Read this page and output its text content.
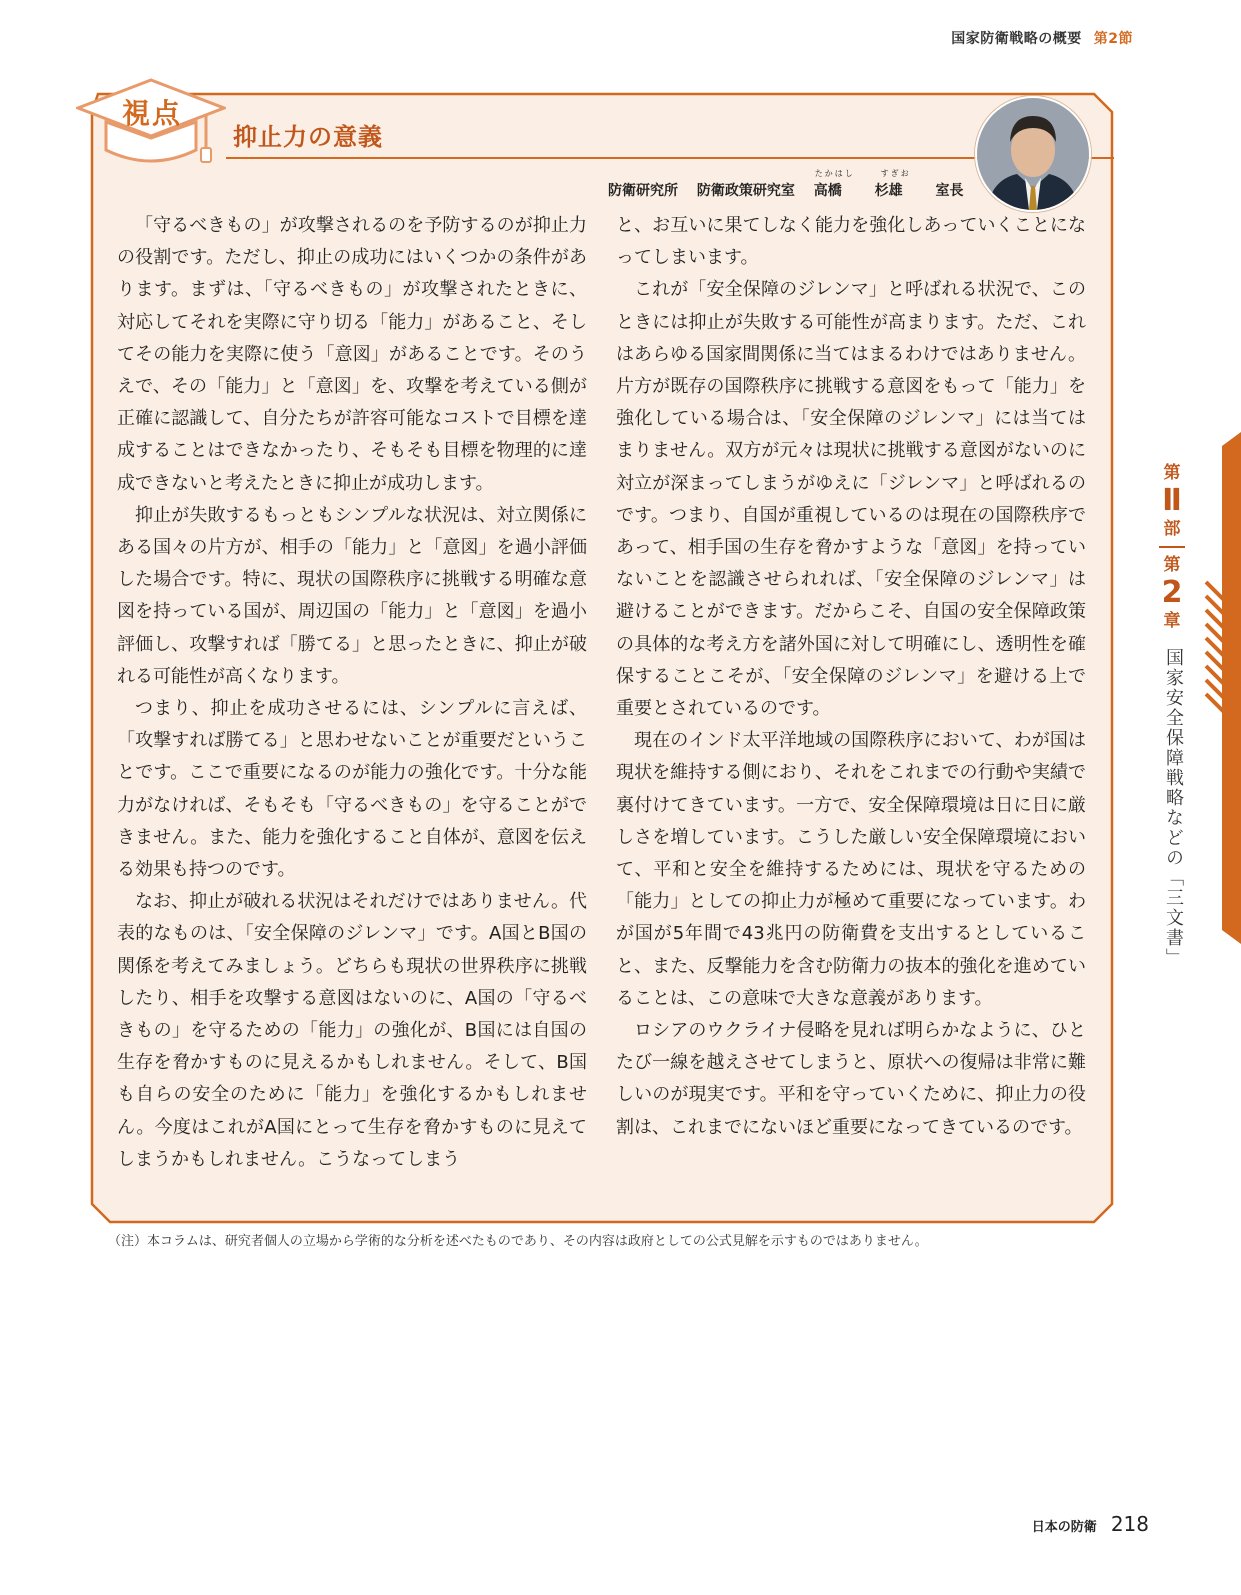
国家防衛戦略の概要 第2節
視点
抑止力の意義
防衛研究所 防衛政策研究室
たかはし
高橋
すぎお
杉雄 室長

「守るべきもの」が攻撃されるのを予防するのが抑止力の役割です。ただし、抑止の成功にはいくつかの条件があります。まずは、「守るべきもの」が攻撃されたときに、対応してそれを実際に守り切る「能力」があること、そしてその能力を実際に使う「意図」があることです。そのうえで、その「能力」と「意図」を、攻撃を考えている側が正確に認識して、自分たちが許容可能なコストで目標を達成することはできなかったり、そもそも目標を物理的に達成できないと考えたときに抑止が成功します。

抑止が失敗するもっともシンプルな状況は、対立関係にある国々の片方が、相手の「能力」と「意図」を過小評価した場合です。特に、現状の国際秩序に挑戦する明確な意図を持っている国が、周辺国の「能力」と「意図」を過小評価し、攻撃すれば「勝てる」と思ったときに、抑止が破れる可能性が高くなります。

つまり、抑止を成功させるには、シンプルに言えば、「攻撃すれば勝てる」と思わせないことが重要だということです。ここで重要になるのが能力の強化です。十分な能力がなければ、そもそも「守るべきもの」を守ることができません。また、能力を強化すること自体が、意図を伝える効果も持つのです。

なお、抑止が破れる状況はそれだけではありません。代表的なものは、「安全保障のジレンマ」です。A国とB国の関係を考えてみましょう。どちらも現状の世界秩序に挑戦したり、相手を攻撃する意図はないのに、A国の「守るべきもの」を守るための「能力」の強化が、B国には自国の生存を脅かすものに見えるかもしれません。そして、B国も自らの安全のために「能力」を強化するかもしれません。今度はこれがA国にとって生存を脅かすものに見えてしまうかもしれません。こうなってしまう

と、お互いに果てしなく能力を強化しあっていくことになってしまいます。

これが「安全保障のジレンマ」と呼ばれる状況で、このときには抑止が失敗する可能性が高まります。ただ、これはあらゆる国家間関係に当てはまるわけではありません。片方が既存の国際秩序に挑戦する意図をもって「能力」を強化している場合は、「安全保障のジレンマ」には当てはまりません。双方が元々は現状に挑戦する意図がないのに対立が深まってしまうがゆえに「ジレンマ」と呼ばれるのです。つまり、自国が重視しているのは現在の国際秩序であって、相手国の生存を脅かすような「意図」を持っていないことを認識させられれば、「安全保障のジレンマ」は避けることができます。だからこそ、自国の安全保障政策の具体的な考え方を諸外国に対して明確にし、透明性を確保することこそが、「安全保障のジレンマ」を避ける上で重要とされているのです。

現在のインド太平洋地域の国際秩序において、わが国は現状を維持する側におり、それをこれまでの行動や実績で裏付けてきています。一方で、安全保障環境は日に日に厳しさを増しています。こうした厳しい安全保障環境において、平和と安全を維持するためには、現状を守るための「能力」としての抑止力が極めて重要になっています。わが国が5年間で43兆円の防衛費を支出するとしていること、また、反撃能力を含む防衛力の抜本的強化を進めていることは、この意味で大きな意義があります。

ロシアのウクライナ侵略を見れば明らかなように、ひとたび一線を越えさせてしまうと、原状への復帰は非常に難しいのが現実です。平和を守っていくために、抑止力の役割は、これまでにないほど重要になってきているのです。

（注）本コラムは、研究者個人の立場から学術的な分析を述べたものであり、その内容は政府としての公式見解を示すものではありません。
第
Ⅱ
部
第
2
章
国家安全保障戦略などの「三文書」
日本の防衛 218
